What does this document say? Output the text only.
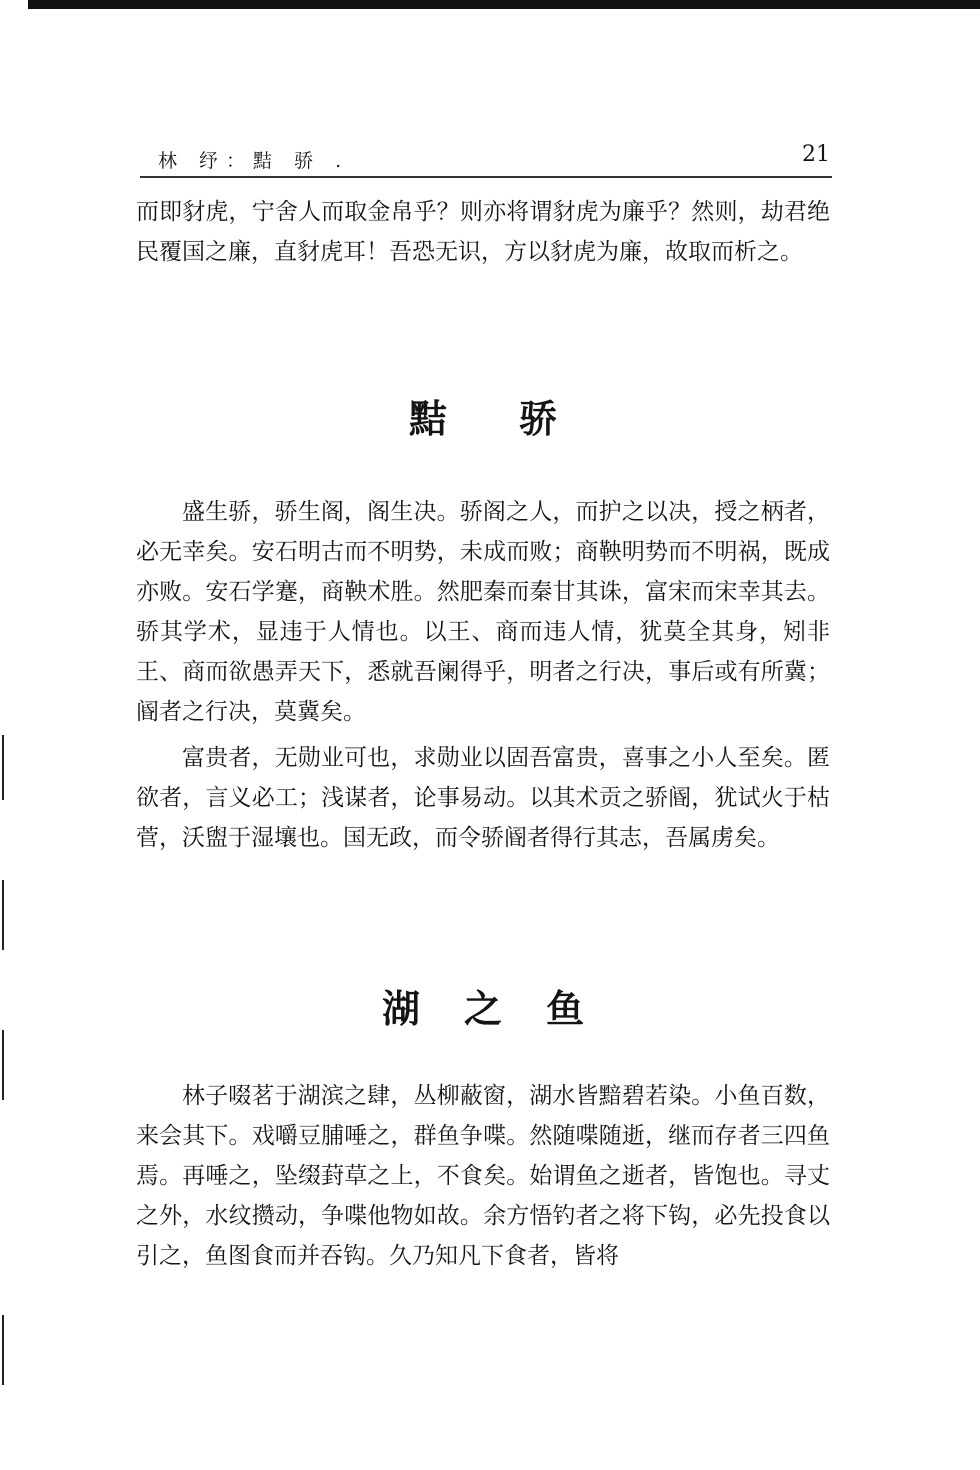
林 纾：黠 骄 .	21

而即豺虎，宁舍人而取金帛乎？则亦将谓豺虎为廉乎？然则，劫君绝民覆国之廉，直豺虎耳！吾恐无识，方以豺虎为廉，故取而析之。

黠骄

盛生骄，骄生阁，阁生决。骄阁之人，而护之以决，授之柄者，必无幸矣。安石明古而不明势，未成而败；商鞅明势而不明祸，既成亦败。安石学蹇，商鞅术胜。然肥秦而秦甘其诛，富宋而宋幸其去。骄其学术，显违于人情也。以王、商而违人情，犹莫全其身，矧非王、商而欲愚弄天下，悉就吾阑得乎，明者之行决，事后或有所冀；阍者之行决，莫冀矣。

富贵者，无勋业可也，求勋业以固吾富贵，喜事之小人至矣。匿欲者，言义必工；浅谋者，论事易动。以其术贡之骄阍，犹试火于枯菅，沃盥于湿壤也。国无政，而令骄阍者得行其志，吾属虏矣。

湖之鱼

林子啜茗于湖滨之肆，丛柳蔽窗，湖水皆黯碧若染。小鱼百数，来会其下。戏嚼豆脯唾之，群鱼争喋。然随喋随逝，继而存者三四鱼焉。再唾之，坠缀葑草之上，不食矣。始谓鱼之逝者，皆饱也。寻丈之外，水纹攒动，争喋他物如故。余方悟钓者之将下钩，必先投食以引之，鱼图食而并吞钩。久乃知凡下食者，皆将
